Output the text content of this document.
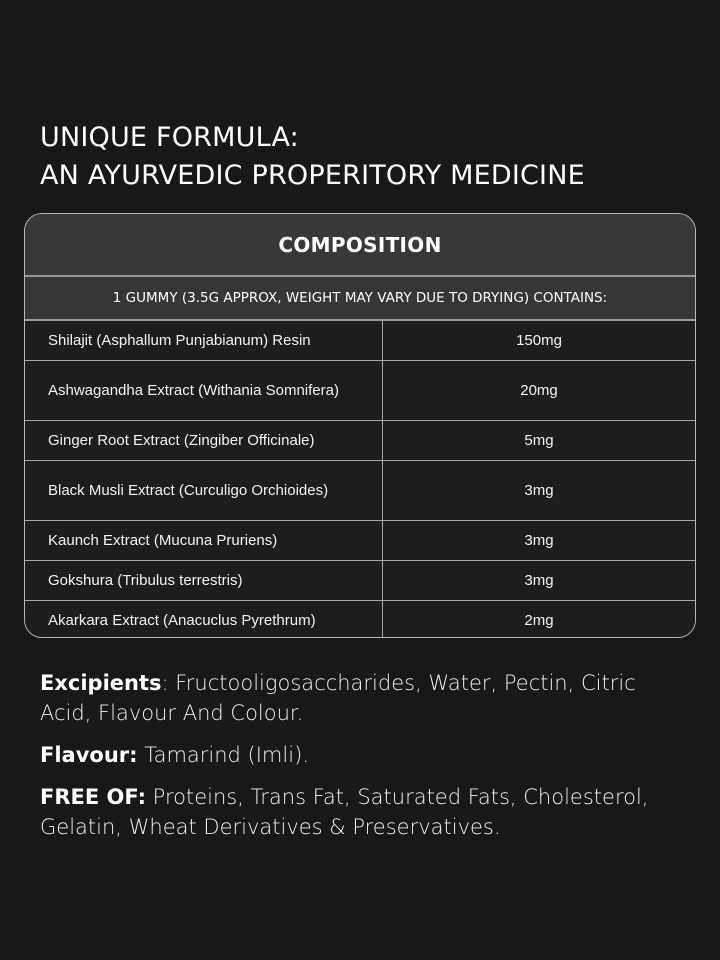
UNIQUE FORMULA:
AN AYURVEDIC PROPERITORY MEDICINE
COMPOSITION
1 GUMMY (3.5G APPROX, WEIGHT MAY VARY DUE TO DRYING) CONTAINS:
Shilajit (Asphallum Punjabianum) Resin	150mg
Ashwagandha Extract (Withania Somnifera)	20mg
Ginger Root Extract (Zingiber Officinale)	5mg
Black Musli Extract (Curculigo Orchioides)	3mg
Kaunch Extract (Mucuna Pruriens)	3mg
Gokshura (Tribulus terrestris)	3mg
Akarkara Extract (Anacuclus Pyrethrum)	2mg

Excipients: Fructooligosaccharides, Water, Pectin, Citric Acid, Flavour And Colour.

Flavour: Tamarind (Imli).

FREE OF: Proteins, Trans Fat, Saturated Fats, Cholesterol, Gelatin, Wheat Derivatives & Preservatives.
